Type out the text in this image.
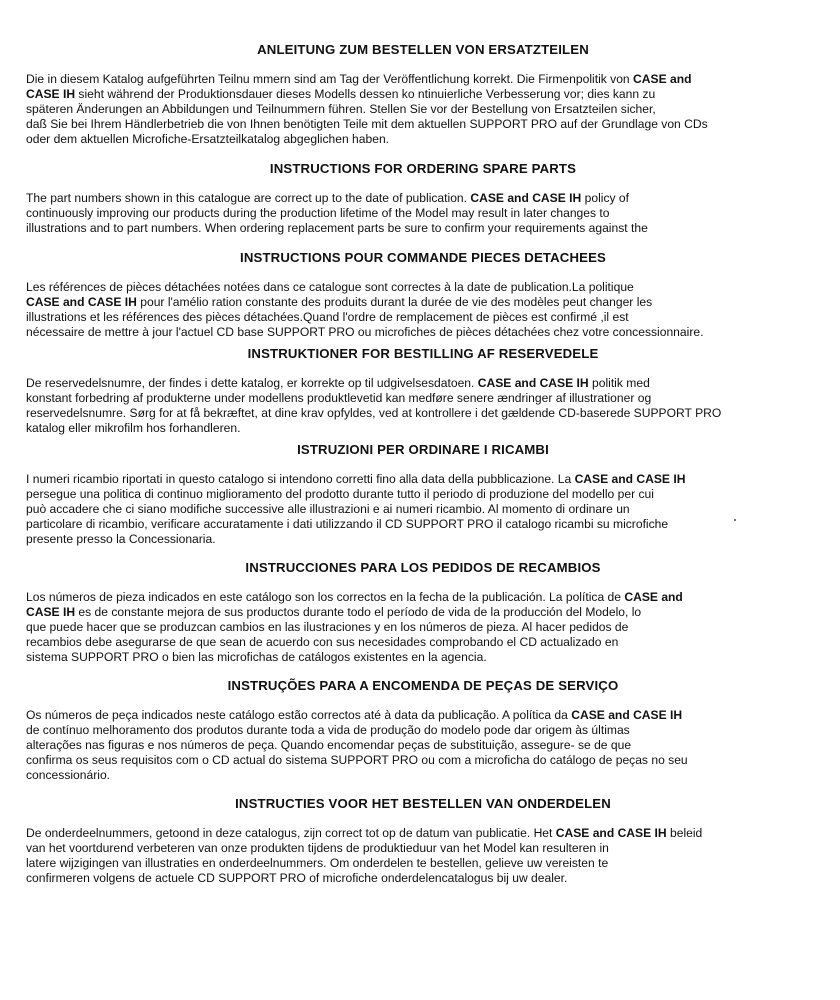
ANLEITUNG ZUM BESTELLEN VON ERSATZTEILEN
Die in diesem Katalog aufgeführten Teilnu mmern sind am Tag der Veröffentlichung korrekt. Die Firmenpolitik von CASE and
CASE IH sieht während der Produktionsdauer dieses Modells dessen ko ntinuierliche Verbesserung vor; dies kann zu
späteren Änderungen an Abbildungen und Teilnummern führen. Stellen Sie vor der Bestellung von Ersatzteilen sicher,
daß Sie bei Ihrem Händlerbetrieb die von Ihnen benötigten Teile mit dem aktuellen SUPPORT PRO auf der Grundlage von CDs
oder dem aktuellen Microfiche-Ersatzteilkatalog abgeglichen haben.
INSTRUCTIONS FOR ORDERING SPARE PARTS
The part numbers shown in this catalogue are correct up to the date of publication. CASE and CASE IH policy of
continuously improving our products during the production lifetime of the Model may result in later changes to
illustrations and to part numbers. When ordering replacement parts be sure to confirm your requirements against the
INSTRUCTIONS POUR COMMANDE PIECES DETACHEES
Les références de pièces détachées notées dans ce catalogue sont correctes à la date de publication.La politique
CASE and CASE IH pour l'amélio ration constante des produits durant la durée de vie des modèles peut changer les
illustrations et les références des pièces détachées.Quand l'ordre de remplacement de pièces est confirmé ,il est
nécessaire de mettre à jour l'actuel CD base SUPPORT PRO ou microfiches de pièces détachées chez votre concessionnaire.
INSTRUKTIONER FOR BESTILLING AF RESERVEDELE
De reservedelsnumre, der findes i dette katalog, er korrekte op til udgivelsesdatoen. CASE and CASE IH politik med
konstant forbedring af produkterne under modellens produktlevetid kan medføre senere ændringer af illustrationer og
reservedelsnumre. Sørg for at få bekræftet, at dine krav opfyldes, ved at kontrollere i det gældende CD-baserede SUPPORT PRO
katalog eller mikrofilm hos forhandleren.
ISTRUZIONI PER ORDINARE I RICAMBI
I numeri ricambio riportati in questo catalogo si intendono corretti fino alla data della pubblicazione. La CASE and CASE IH
persegue una politica di continuo miglioramento del prodotto durante tutto il periodo di produzione del modello per cui
può accadere che ci siano modifiche successive alle illustrazioni e ai numeri ricambio. Al momento di ordinare un
particolare di ricambio, verificare accuratamente i dati utilizzando il CD SUPPORT PRO il catalogo ricambi su microfiche
presente presso la Concessionaria.
INSTRUCCIONES PARA LOS PEDIDOS DE RECAMBIOS
Los números de pieza indicados en este catálogo son los correctos en la fecha de la publicación. La política de CASE and
CASE IH es de constante mejora de sus productos durante todo el período de vida de la producción del Modelo, lo
que puede hacer que se produzcan cambios en las ilustraciones y en los números de pieza. Al hacer pedidos de
recambios debe asegurarse de que sean de acuerdo con sus necesidades comprobando el CD actualizado en
sistema SUPPORT PRO o bien las microfichas de catálogos existentes en la agencia.
INSTRUÇÕES PARA A ENCOMENDA DE PEÇAS DE SERVIÇO
Os números de peça indicados neste catálogo estão correctos até à data da publicação. A política da CASE and CASE IH
de contínuo melhoramento dos produtos durante toda a vida de produção do modelo pode dar origem às últimas
alterações nas figuras e nos números de peça. Quando encomendar peças de substituição, assegure- se de que
confirma os seus requisitos com o CD actual do sistema SUPPORT PRO ou com a microficha do catálogo de peças no seu
concessionário.
INSTRUCTIES VOOR HET BESTELLEN VAN ONDERDELEN
De onderdeelnummers, getoond in deze catalogus, zijn correct tot op de datum van publicatie. Het CASE and CASE IH beleid
van het voortdurend verbeteren van onze produkten tijdens de produktieduur van het Model kan resulteren in
latere wijzigingen van illustraties en onderdeelnummers. Om onderdelen te bestellen, gelieve uw vereisten te
confirmeren volgens de actuele CD SUPPORT PRO of microfiche onderdelencatalogus bij uw dealer.
